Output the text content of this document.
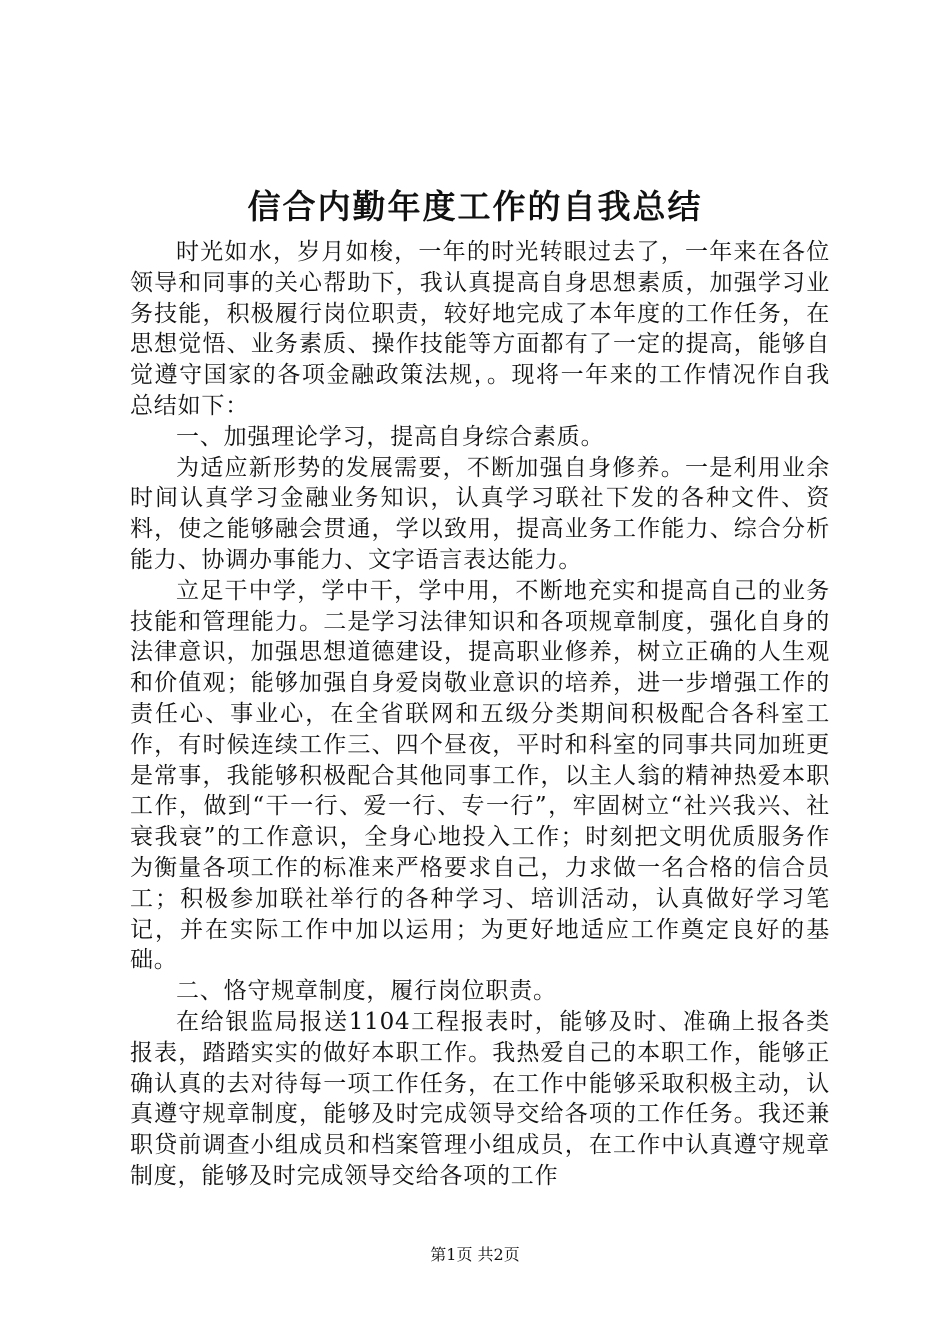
信合内勤年度工作的自我总结

时光如水，岁月如梭，一年的时光转眼过去了，一年来在各位领导和同事的关心帮助下，我认真提高自身思想素质，加强学习业务技能，积极履行岗位职责，较好地完成了本年度的工作任务，在思想觉悟、业务素质、操作技能等方面都有了一定的提高，能够自觉遵守国家的各项金融政策法规，。现将一年来的工作情况作自我总结如下：

一、加强理论学习，提高自身综合素质。

为适应新形势的发展需要，不断加强自身修养。一是利用业余时间认真学习金融业务知识，认真学习联社下发的各种文件、资料，使之能够融会贯通，学以致用，提高业务工作能力、综合分析能力、协调办事能力、文字语言表达能力。

立足干中学，学中干，学中用，不断地充实和提高自己的业务技能和管理能力。二是学习法律知识和各项规章制度，强化自身的法律意识，加强思想道德建设，提高职业修养，树立正确的人生观和价值观；能够加强自身爱岗敬业意识的培养，进一步增强工作的责任心、事业心，在全省联网和五级分类期间积极配合各科室工作，有时候连续工作三、四个昼夜，平时和科室的同事共同加班更是常事，我能够积极配合其他同事工作，以主人翁的精神热爱本职工作，做到“干一行、爱一行、专一行”，牢固树立“社兴我兴、社衰我衰”的工作意识，全身心地投入工作；时刻把文明优质服务作为衡量各项工作的标准来严格要求自己，力求做一名合格的信合员工；积极参加联社举行的各种学习、培训活动，认真做好学习笔记，并在实际工作中加以运用；为更好地适应工作奠定良好的基础。

二、恪守规章制度，履行岗位职责。

在给银监局报送1104工程报表时，能够及时、准确上报各类报表，踏踏实实的做好本职工作。我热爱自己的本职工作，能够正确认真的去对待每一项工作任务，在工作中能够采取积极主动，认真遵守规章制度，能够及时完成领导交给各项的工作任务。我还兼职贷前调查小组成员和档案管理小组成员，在工作中认真遵守规章制度，能够及时完成领导交给各项的工作

第1页 共2页
